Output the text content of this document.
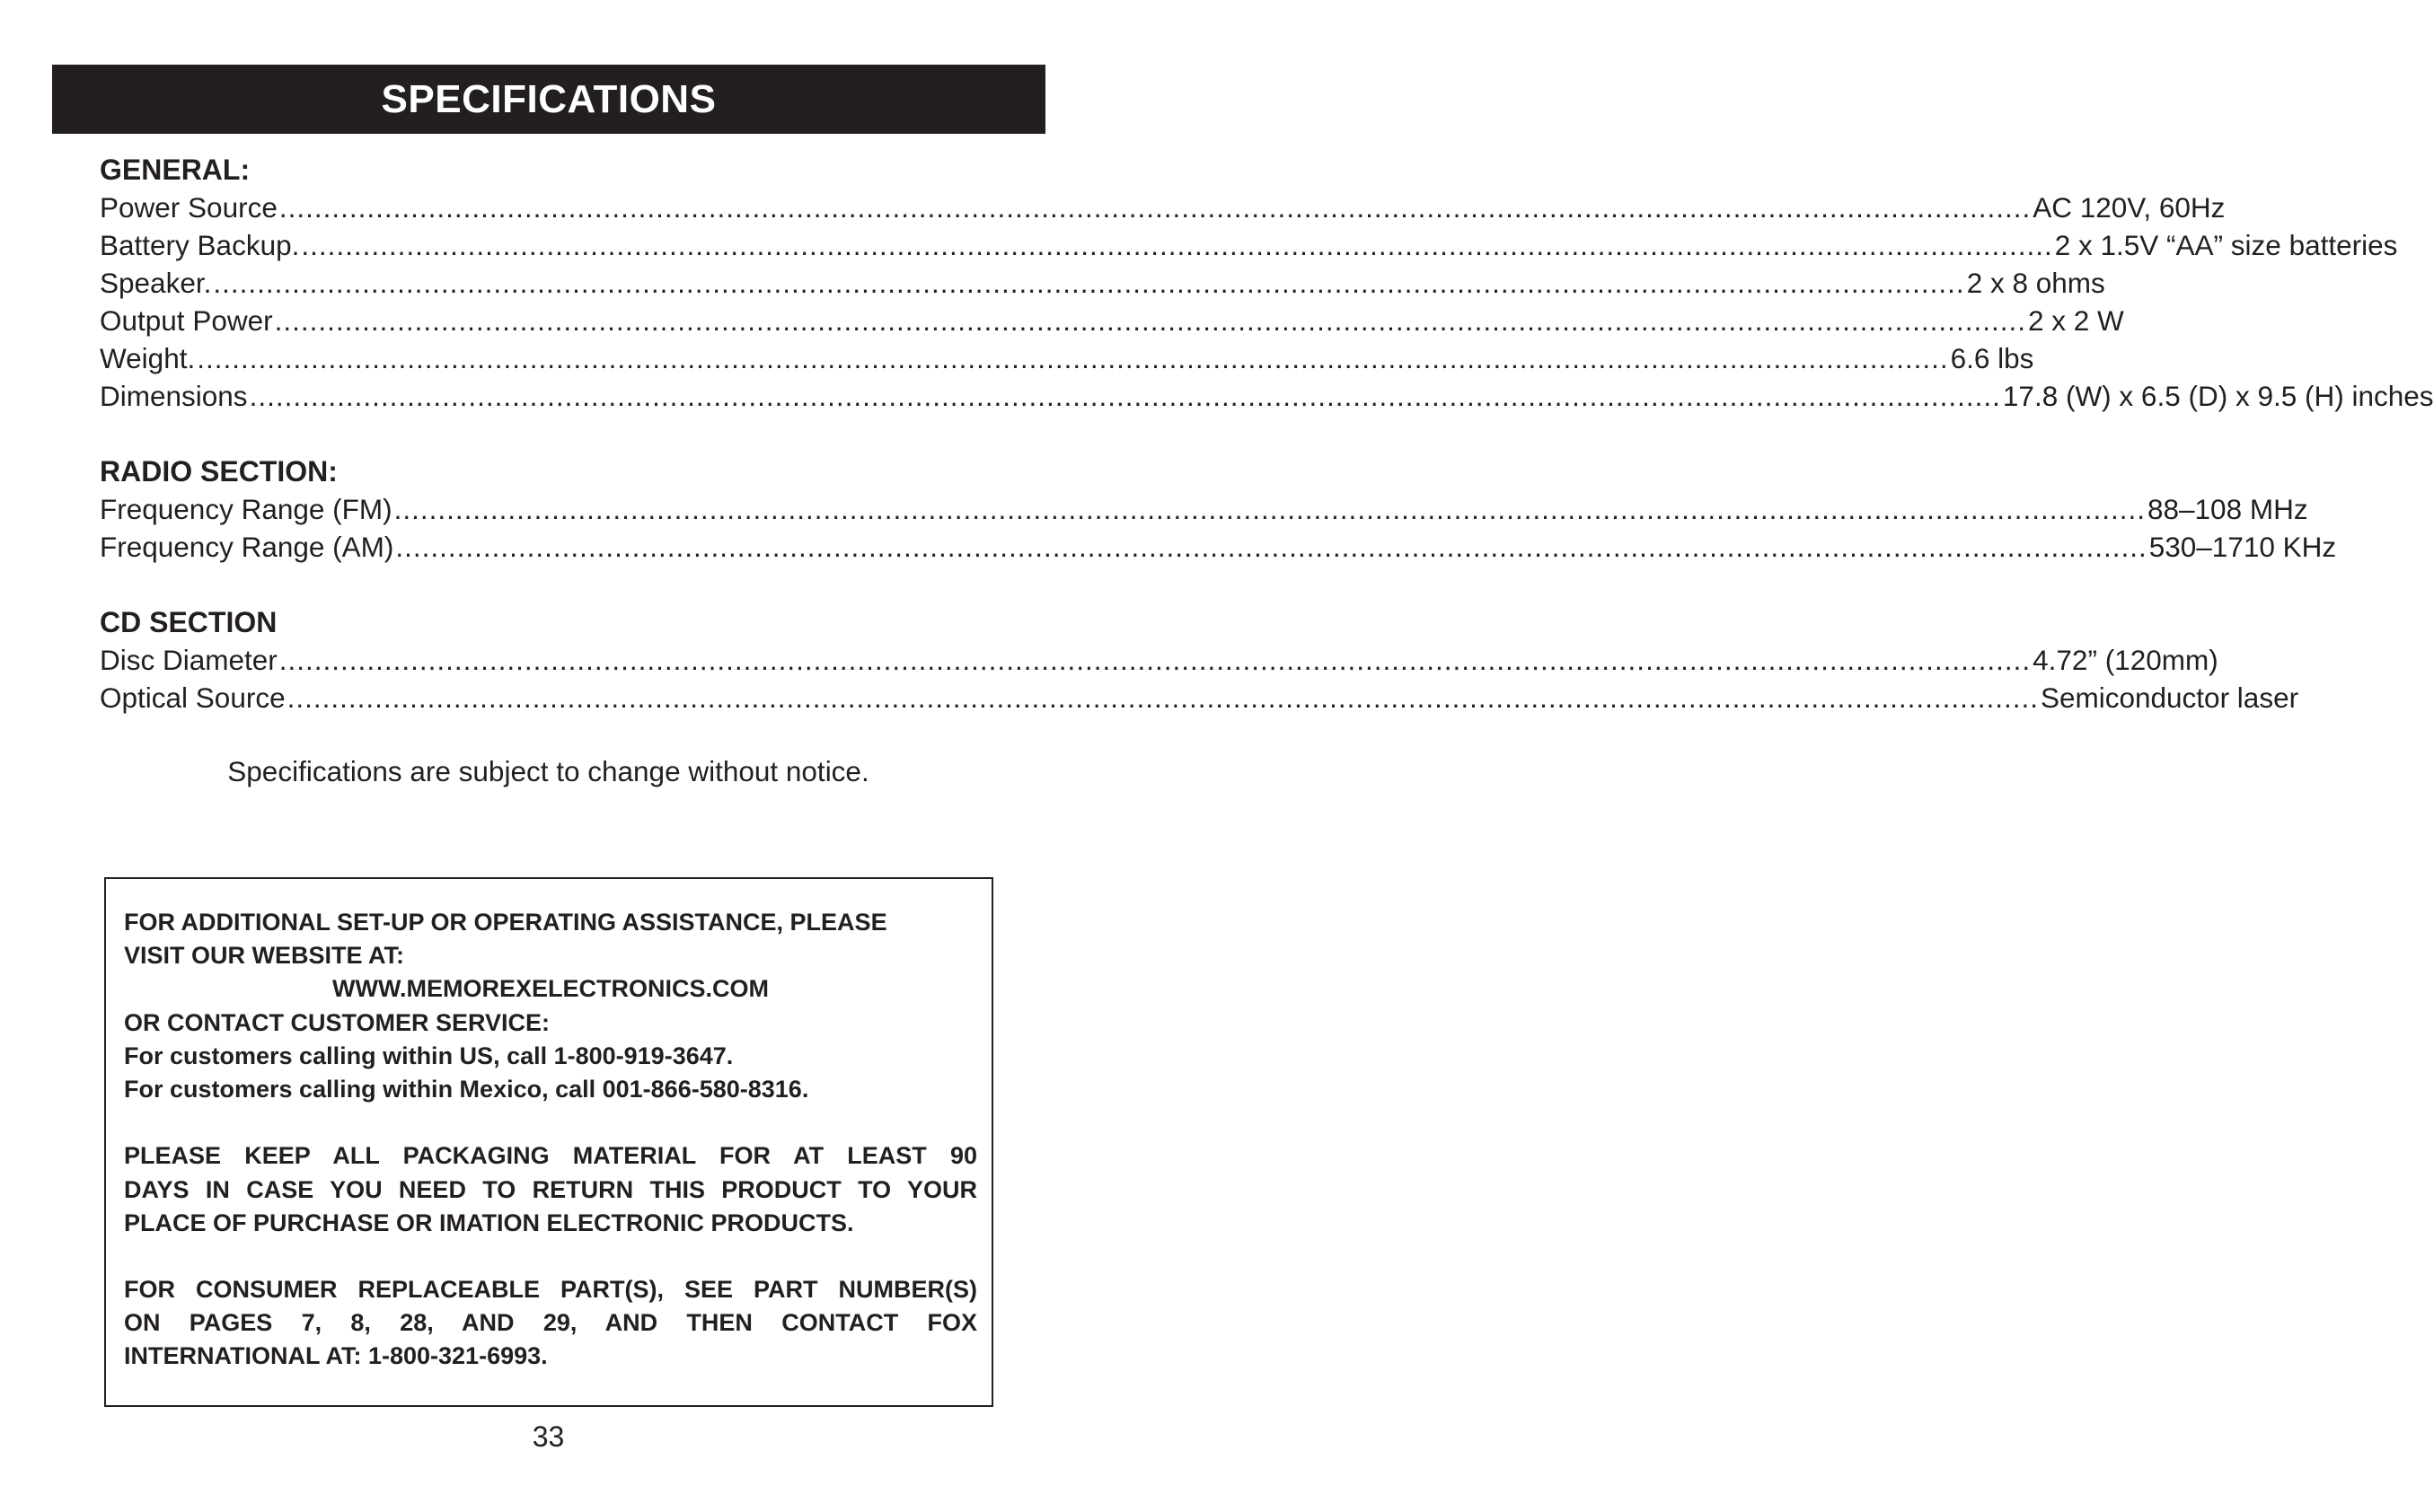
SPECIFICATIONS
GENERAL:
Power Source ........................................................................................................................................................................................................ AC 120V, 60Hz
Battery Backup. ........................................................................................................................................................................................................ 2 x 1.5V “AA” size batteries
Speaker. ........................................................................................................................................................................................................ 2 x 8 ohms
Output Power ........................................................................................................................................................................................................ 2 x 2 W
Weight. ........................................................................................................................................................................................................ 6.6 lbs
Dimensions ........................................................................................................................................................................................................ 17.8 (W) x 6.5 (D) x 9.5 (H) inches
RADIO SECTION:
Frequency Range (FM) ........................................................................................................................................................................................................ 88–108 MHz
Frequency Range (AM) ........................................................................................................................................................................................................ 530–1710 KHz
CD SECTION
Disc Diameter ........................................................................................................................................................................................................ 4.72” (120mm)
Optical Source ........................................................................................................................................................................................................ Semiconductor laser
Specifications are subject to change without notice.
FOR ADDITIONAL SET-UP OR OPERATING ASSISTANCE, PLEASE
VISIT OUR WEBSITE AT:
WWW.MEMOREXELECTRONICS.COM
OR CONTACT CUSTOMER SERVICE:
For customers calling within US, call 1-800-919-3647.
For customers calling within Mexico, call 001-866-580-8316.
PLEASE KEEP ALL PACKAGING MATERIAL FOR AT LEAST 90
DAYS IN CASE YOU NEED TO RETURN THIS PRODUCT TO YOUR
PLACE OF PURCHASE OR IMATION ELECTRONIC PRODUCTS.
FOR CONSUMER REPLACEABLE PART(S), SEE PART NUMBER(S)
ON PAGES 7, 8, 28, AND 29, AND THEN CONTACT FOX
INTERNATIONAL AT: 1-800-321-6993.
33
